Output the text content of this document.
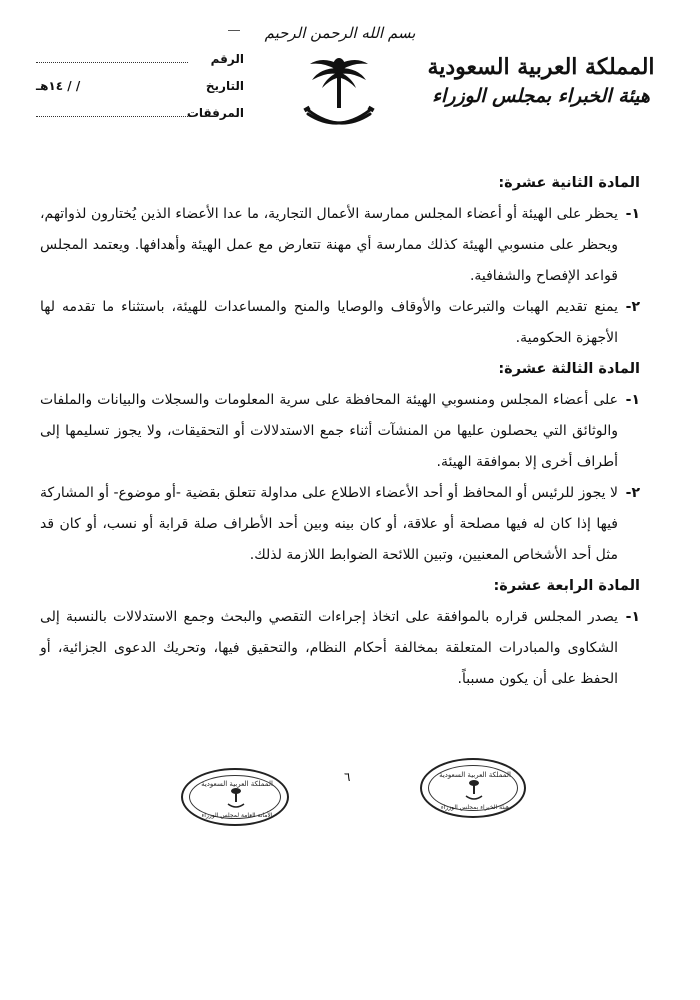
بسم الله الرحمن الرحيم
المملكة العربية السعودية
هيئة الخبراء بمجلس الوزراء
الرقم
التاريخ
/ / ١٤هـ
المرفقات

المادة الثانية عشرة:

١-
يحظر على الهيئة أو أعضاء المجلس ممارسة الأعمال التجارية، ما عدا الأعضاء الذين يُختارون لذواتهم، ويحظر على منسوبي الهيئة كذلك ممارسة أي مهنة تتعارض مع عمل الهيئة وأهدافها. ويعتمد المجلس قواعد الإفصاح والشفافية.
٢-
يمنع تقديم الهبات والتبرعات والأوقاف والوصايا والمنح والمساعدات للهيئة، باستثناء ما تقدمه لها الأجهزة الحكومية.

المادة الثالثة عشرة:

١-
على أعضاء المجلس ومنسوبي الهيئة المحافظة على سرية المعلومات والسجلات والبيانات والملفات والوثائق التي يحصلون عليها من المنشآت أثناء جمع الاستدلالات أو التحقيقات، ولا يجوز تسليمها إلى أطراف أخرى إلا بموافقة الهيئة.
٢-
لا يجوز للرئيس أو المحافظ أو أحد الأعضاء الاطلاع على مداولة تتعلق بقضية -أو موضوع- أو المشاركة فيها إذا كان له فيها مصلحة أو علاقة، أو كان بينه وبين أحد الأطراف صلة قرابة أو نسب، أو كان قد مثل أحد الأشخاص المعنيين، وتبين اللائحة الضوابط اللازمة لذلك.

المادة الرابعة عشرة:

١-
يصدر المجلس قراره بالموافقة على اتخاذ إجراءات التقصي والبحث وجمع الاستدلالات بالنسبة إلى الشكاوى والمبادرات المتعلقة بمخالفة أحكام النظام، والتحقيق فيها، وتحريك الدعوى الجزائية، أو الحفظ على أن يكون مسبباً.
٦
المملكة العربية السعودية
الأمانة العامة لمجلس الوزراء
المملكة العربية السعودية
هيئة الخبراء بمجلس الوزراء
